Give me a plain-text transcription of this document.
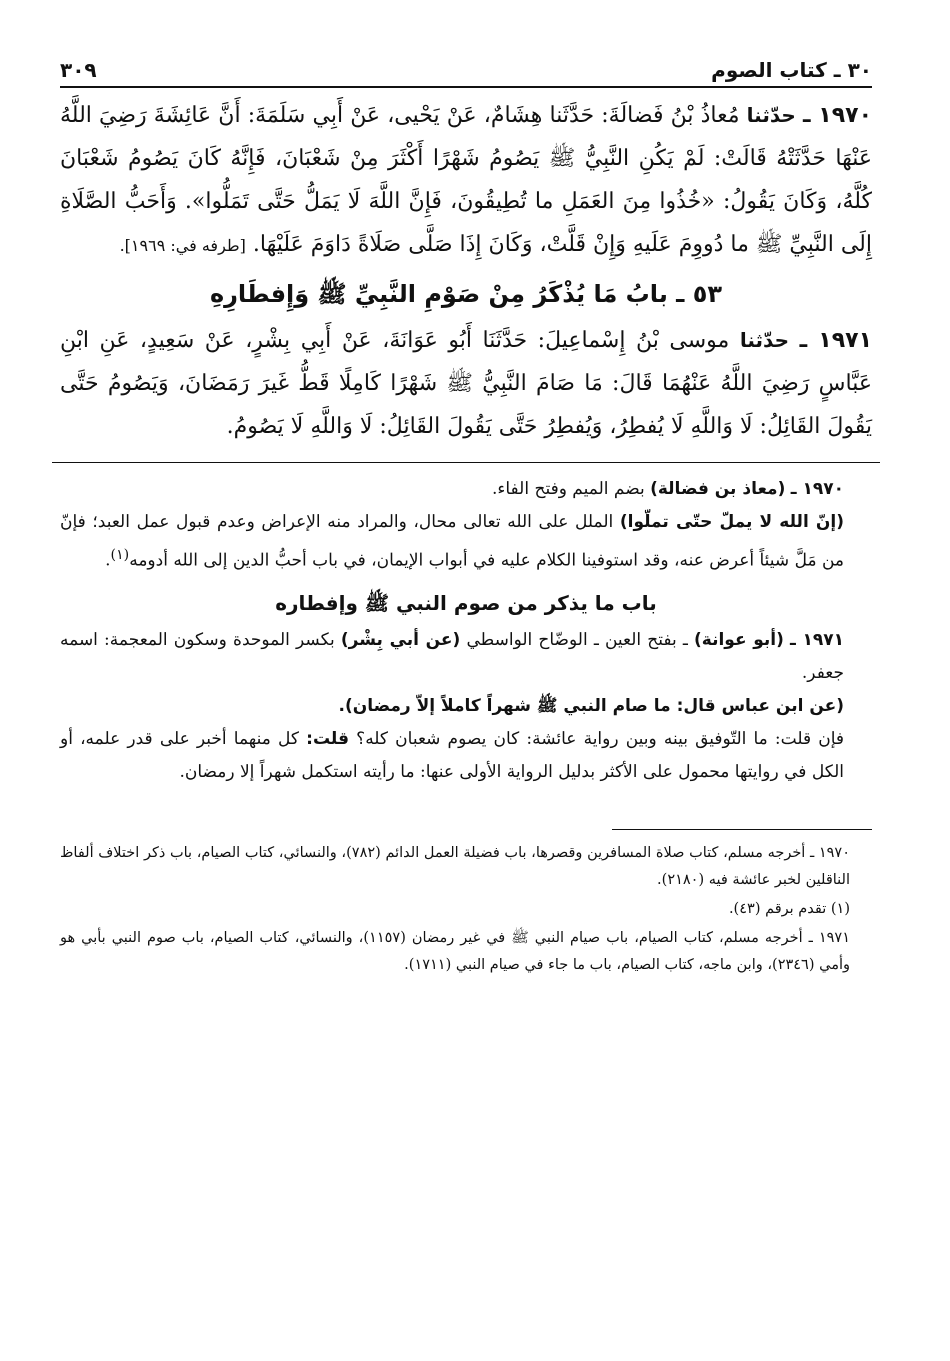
٣٠ ـ كتاب الصوم
٣٠٩
١٩٧٠ ـ حدّثنا مُعاذُ بْنُ فَضالَةَ: حَدَّثَنا هِشَامٌ، عَنْ يَحْيى، عَنْ أَبِي سَلَمَةَ: أَنَّ عَائِشَةَ رَضِيَ اللَّهُ عَنْهَا حَدَّثَتْهُ قَالَتْ: لَمْ يَكُنِ النَّبِيُّ ﷺ يَصُومُ شَهْرًا أَكْثَرَ مِنْ شَعْبَانَ، فَإِنَّهُ كَانَ يَصُومُ شَعْبَانَ كُلَّهُ، وَكَانَ يَقُولُ: «خُذُوا مِنَ العَمَلِ ما تُطِيقُونَ، فَإِنَّ اللَّهَ لَا يَمَلُّ حَتَّى تَمَلُّوا». وَأَحَبُّ الصَّلَاةِ إِلَى النَّبِيِّ ﷺ ما دُووِمَ عَلَيهِ وَإِنْ قَلَّتْ، وَكَانَ إِذَا صَلَّى صَلَاةً دَاوَمَ عَلَيْهَا. [طرفه في: ١٩٦٩].
٥٣ ـ بابُ مَا يُذْكَرُ مِنْ صَوْمِ النَّبِيِّ ﷺ وَإِفطَارِهِ
١٩٧١ ـ حدّثنا موسى بْنُ إِسْماعِيلَ: حَدَّثَنَا أَبُو عَوَانَةَ، عَنْ أَبِي بِشْرٍ، عَنْ سَعِيدٍ، عَنِ ابْنِ عَبَّاسٍ رَضِيَ اللَّهُ عَنْهُمَا قَالَ: مَا صَامَ النَّبِيُّ ﷺ شَهْرًا كَامِلًا قَطُّ غَيرَ رَمَضَانَ، وَيَصُومُ حَتَّى يَقُولَ القَائِلُ: لَا وَاللَّهِ لَا يُفطِرُ، وَيُفطِرُ حَتَّى يَقُولَ القَائِلُ: لَا وَاللَّهِ لَا يَصُومُ.

١٩٧٠ ـ (معاذ بن فضالة) بضم الميم وفتح الفاء.

(إنّ الله لا يملّ حتّى تملّوا) الملل على الله تعالى محال، والمراد منه الإعراض وعدم قبول عمل العبد؛ فإنّ من مَلَّ شيئاً أعرض عنه، وقد استوفينا الكلام عليه في أبواب الإيمان، في باب أحبُّ الدين إلى الله أدومه$^{(١)}$.

باب ما يذكر من صوم النبي ﷺ وإفطاره

١٩٧١ ـ (أبو عوانة) ـ بفتح العين ـ الوضّاح الواسطي (عن أبي بِشْر) بكسر الموحدة وسكون المعجمة: اسمه جعفر.

(عن ابن عباس قال: ما صام النبي ﷺ شهراً كاملاً إلاّ رمضان).

فإن قلت: ما التّوفيق بينه وبين رواية عائشة: كان يصوم شعبان كله؟ قلت: كل منهما أخبر على قدر علمه، أو الكل في روايتها محمول على الأكثر بدليل الرواية الأولى عنها: ما رأيته استكمل شهراً إلا رمضان.

١٩٧٠ ـ أخرجه مسلم، كتاب صلاة المسافرين وقصرها، باب فضيلة العمل الدائم (٧٨٢)، والنسائي، كتاب الصيام، باب ذكر اختلاف ألفاظ الناقلين لخبر عائشة فيه (٢١٨٠).

(١) تقدم برقم (٤٣).

١٩٧١ ـ أخرجه مسلم، كتاب الصيام، باب صيام النبي ﷺ في غير رمضان (١١٥٧)، والنسائي، كتاب الصيام، باب صوم النبي بأبي هو وأمي (٢٣٤٦)، وابن ماجه، كتاب الصيام، باب ما جاء في صيام النبي (١٧١١).
